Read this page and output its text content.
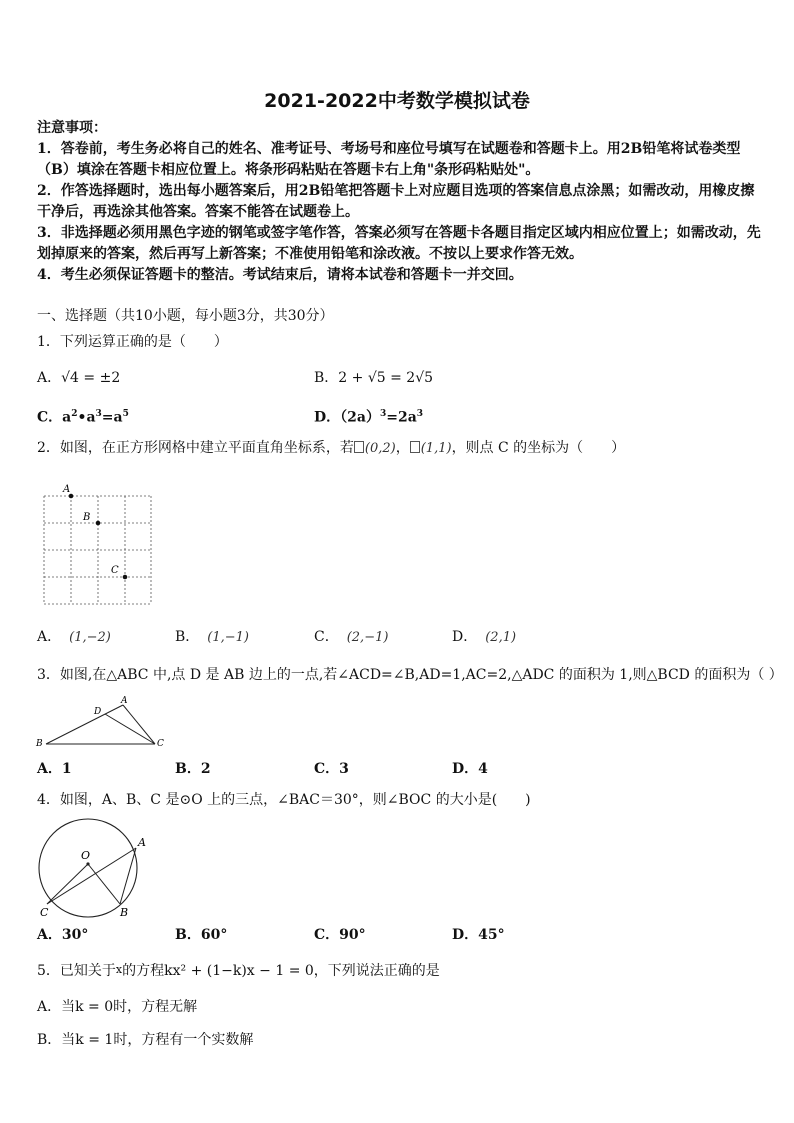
2021-2022中考数学模拟试卷
注意事项：
1．答卷前，考生务必将自己的姓名、准考证号、考场号和座位号填写在试题卷和答题卡上。用2B铅笔将试卷类型
（B）填涂在答题卡相应位置上。将条形码粘贴在答题卡右上角"条形码粘贴处"。
2．作答选择题时，选出每小题答案后，用2B铅笔把答题卡上对应题目选项的答案信息点涂黑；如需改动，用橡皮擦
干净后，再选涂其他答案。答案不能答在试题卷上。
3．非选择题必须用黑色字迹的钢笔或签字笔作答，答案必须写在答题卡各题目指定区域内相应位置上；如需改动，先
划掉原来的答案，然后再写上新答案；不准使用铅笔和涂改液。不按以上要求作答无效。
4．考生必须保证答题卡的整洁。考试结束后，请将本试卷和答题卡一并交回。
一、选择题（共10小题，每小题3分，共30分）
1．下列运算正确的是（　　）
A．√4 = ±2	B．2 + √5 = 2√5
C．$a^2•a^3=a^5$	D．$(2a)^3=2a^3$
2．如图，在正方形网格中建立平面直角坐标系，若 (0,2)， (1,1)，则点 C 的坐标为（　　）
A
B
C
A． (1,−2)	B． (1,−1)	C． (2,−1)	D． (2,1)
3．如图,在△ABC 中,点 D 是 AB 边上的一点,若∠ACD=∠B,AD=1,AC=2,△ADC 的面积为 1,则△BCD 的面积为（ ）
A
D
B	C
A．1	B．2	C．3	D．4
4．如图，A、B、C 是⊙O 上的三点，∠BAC＝30°，则∠BOC 的大小是(　　)
O
A
C	B
A．30°	B．60°	C．90°	D．45°
5．已知关于x的方程kx² + (1−k)x − 1 = 0，下列说法正确的是
A．当k = 0时，方程无解
B．当k = 1时，方程有一个实数解
